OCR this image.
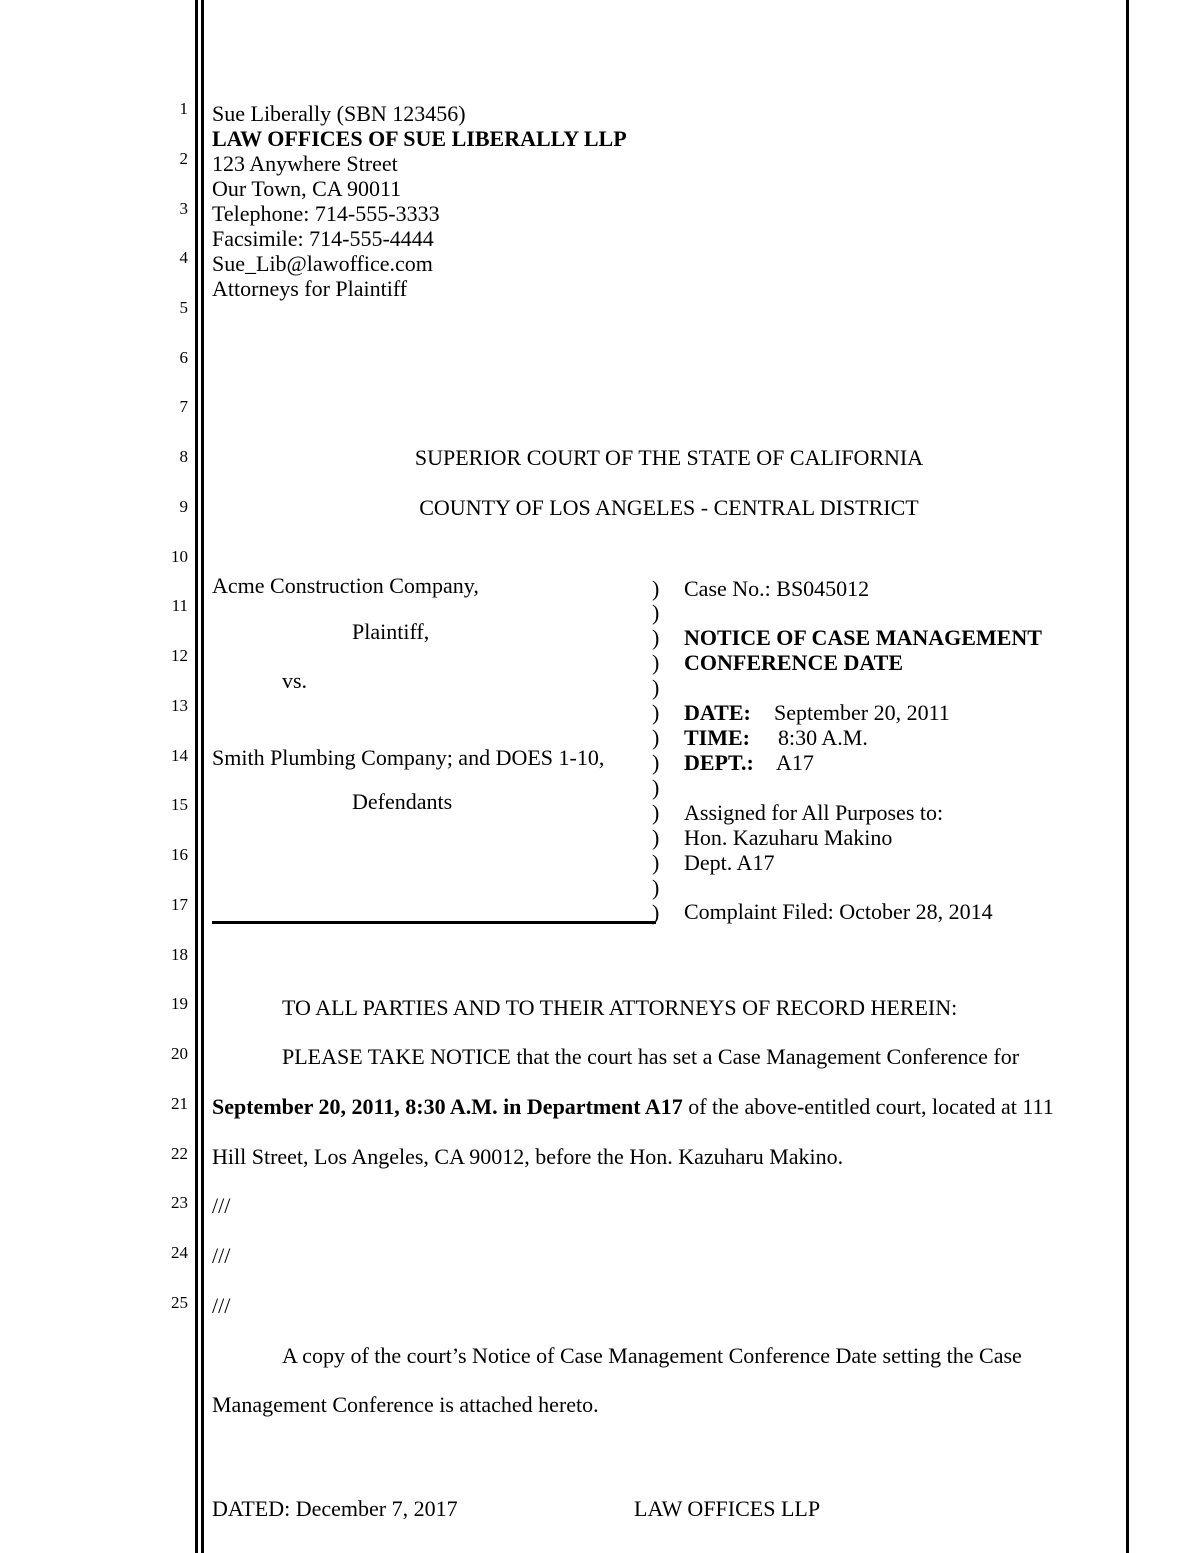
1
2
3
4
5
6
7
8
9
10
11
12
13
14
15
16
17
18
19
20
21
22
23
24
25
Sue Liberally (SBN 123456)
LAW OFFICES OF SUE LIBERALLY LLP
123 Anywhere Street
Our Town, CA 90011
Telephone: 714-555-3333
Facsimile: 714-555-4444
Sue_Lib@lawoffice.com
Attorneys for Plaintiff
SUPERIOR COURT OF THE STATE OF CALIFORNIA
COUNTY OF LOS ANGELES - CENTRAL DISTRICT
Acme Construction Company,
Plaintiff,
vs.
Smith Plumbing Company; and DOES 1-10,
Defendants
)
)
)
)
)
)
)
)
)
)
)
)
)
)
Case No.: BS045012
NOTICE OF CASE MANAGEMENT
CONFERENCE DATE
DATE: September 20, 2011
TIME: 8:30 A.M.
DEPT.: A17
Assigned for All Purposes to:
Hon. Kazuharu Makino
Dept. A17
Complaint Filed: October 28, 2014
TO ALL PARTIES AND TO THEIR ATTORNEYS OF RECORD HEREIN:
PLEASE TAKE NOTICE that the court has set a Case Management Conference for
September 20, 2011, 8:30 A.M. in Department A17 of the above-entitled court, located at 111
Hill Street, Los Angeles, CA 90012, before the Hon. Kazuharu Makino.
///
///
///
A copy of the court’s Notice of Case Management Conference Date setting the Case
Management Conference is attached hereto.
DATED: December 7, 2017	LAW OFFICES LLP
